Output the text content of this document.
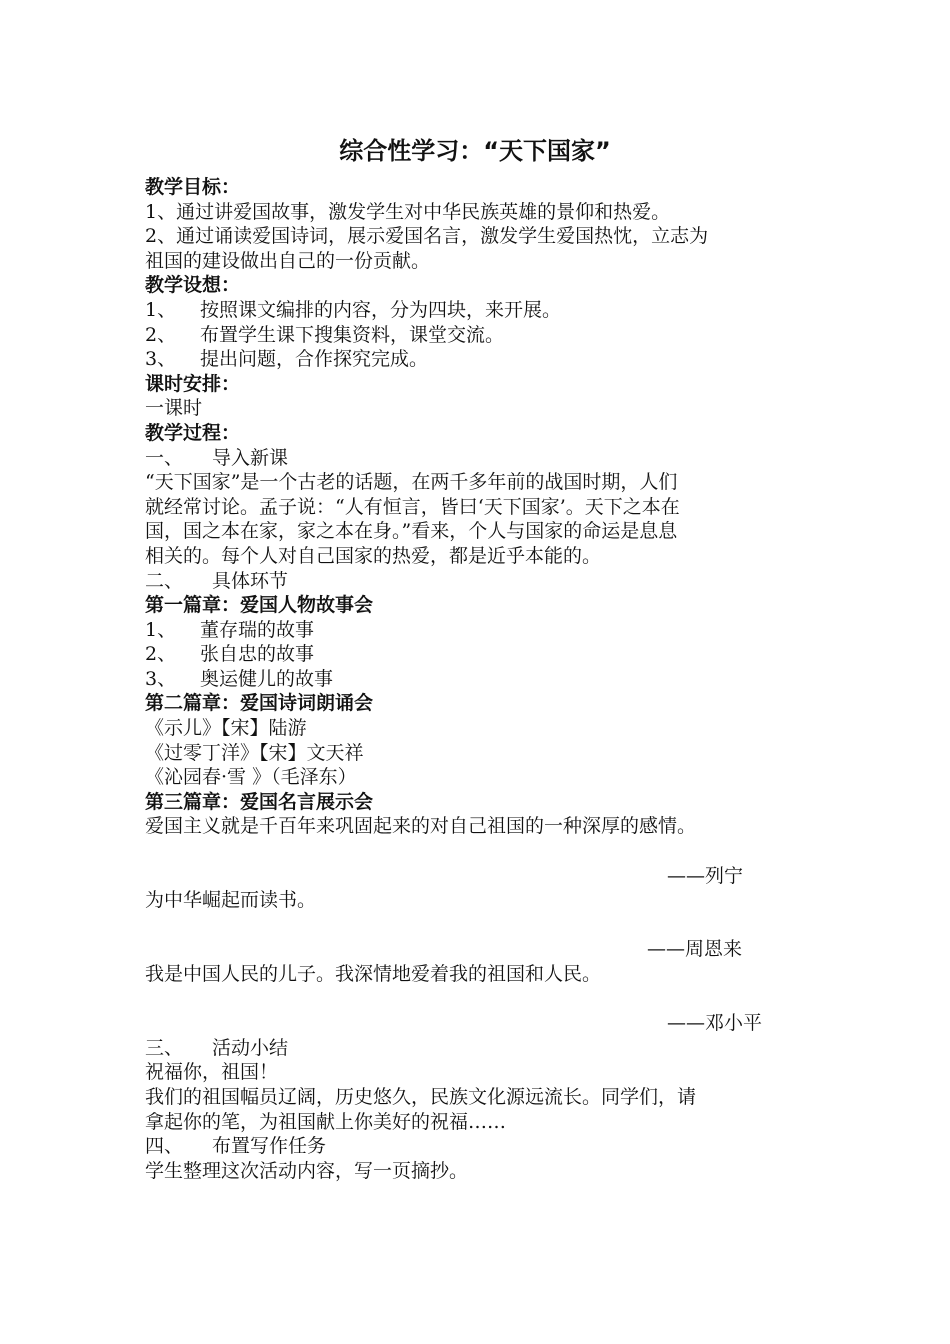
综合性学习：“天下国家”
教学目标：
1、通过讲爱国故事，激发学生对中华民族英雄的景仰和热爱。
2、通过诵读爱国诗词，展示爱国名言，激发学生爱国热忱，立志为
祖国的建设做出自己的一份贡献。
教学设想：
1、 按照课文编排的内容，分为四块，来开展。
2、 布置学生课下搜集资料，课堂交流。
3、 提出问题，合作探究完成。
课时安排：
一课时
教学过程：
一、 导入新课
“天下国家”是一个古老的话题，在两千多年前的战国时期，人们
就经常讨论。孟子说：“人有恒言，皆曰‘天下国家’。天下之本在
国，国之本在家，家之本在身。”看来，个人与国家的命运是息息
相关的。每个人对自己国家的热爱，都是近乎本能的。
二、 具体环节
第一篇章：爱国人物故事会
1、 董存瑞的故事
2、 张自忠的故事
3、 奥运健儿的故事
第二篇章：爱国诗词朗诵会
《示儿》【宋】陆游
《过零丁洋》【宋】文天祥
《沁园春·雪 》（毛泽东）
第三篇章：爱国名言展示会
爱国主义就是千百年来巩固起来的对自己祖国的一种深厚的感情。
——列宁
为中华崛起而读书。
——周恩来
我是中国人民的儿子。我深情地爱着我的祖国和人民。
——邓小平
三、 活动小结
祝福你，祖国！
我们的祖国幅员辽阔，历史悠久，民族文化源远流长。同学们，请
拿起你的笔，为祖国献上你美好的祝福……
四、 布置写作任务
学生整理这次活动内容，写一页摘抄。
